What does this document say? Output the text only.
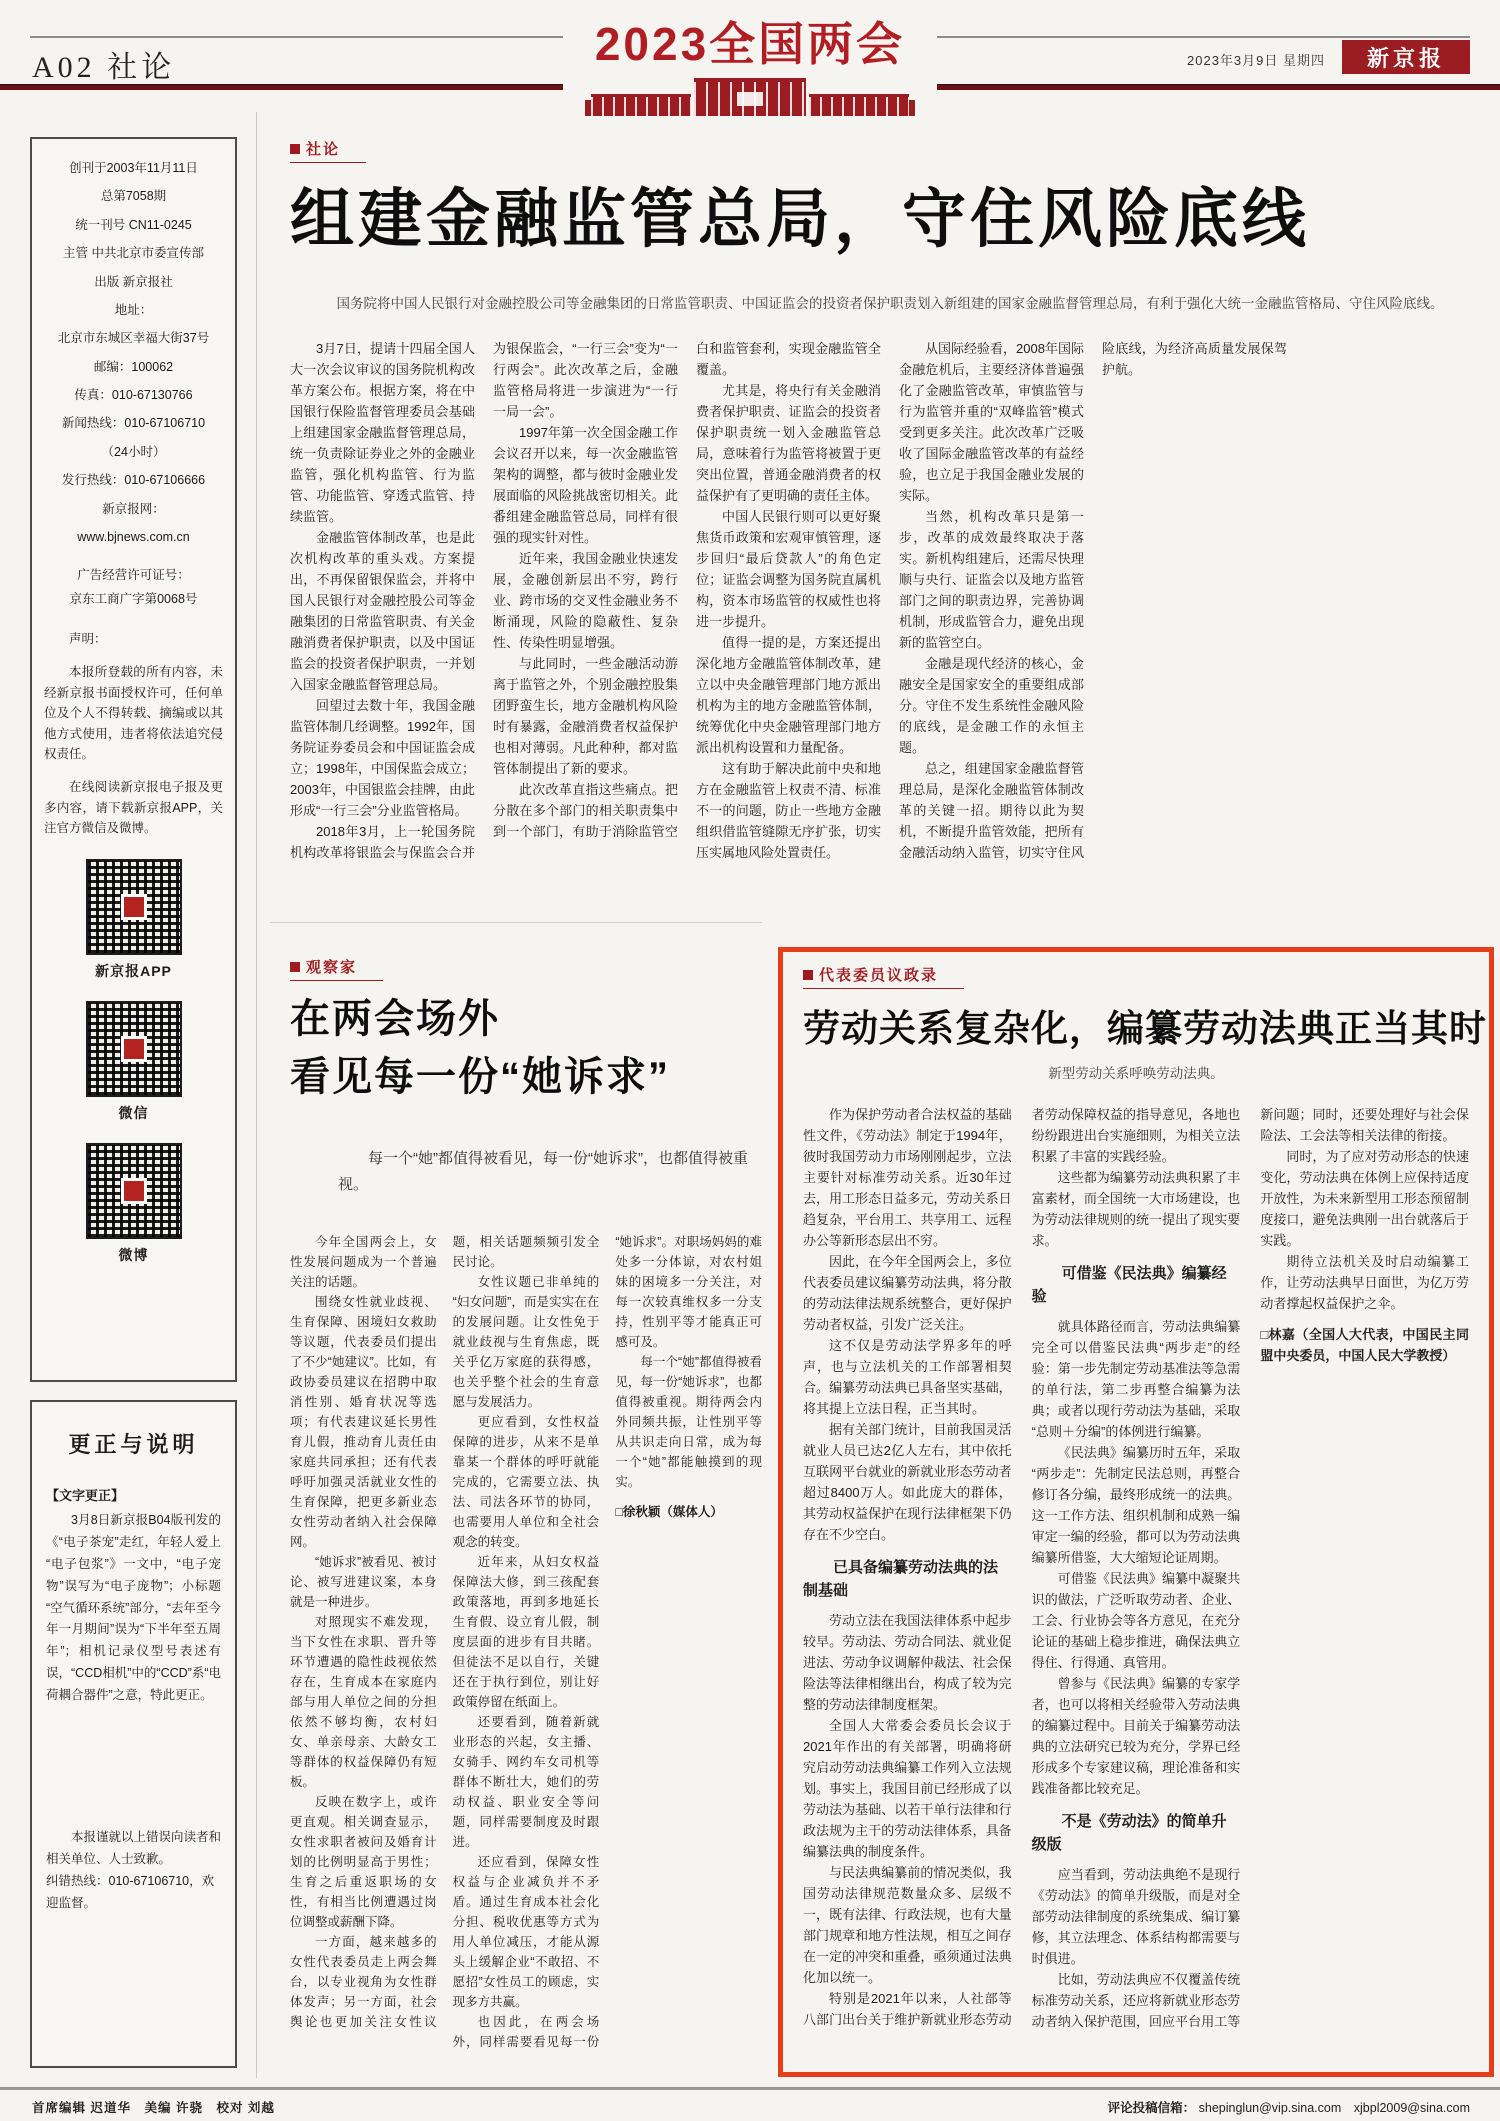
A02 社论	2023全国两会	2023年3月9日 星期四	新京报

创刊于2003年11月11日

总第7058期

统一刊号 CN11-0245

主管 中共北京市委宣传部

出版 新京报社

地址：

北京市东城区幸福大街37号

邮编：100062

传真：010-67130766

新闻热线：010-67106710

（24小时）

发行热线：010-67106666

新京报网：

www.bjnews.com.cn

广告经营许可证号：

京东工商广字第0068号

声明：

本报所登载的所有内容，未经新京报书面授权许可，任何单位及个人不得转载、摘编或以其他方式使用，违者将依法追究侵权责任。

在线阅读新京报电子报及更多内容，请下载新京报APP，关注官方微信及微博。

新京报APP
微信
微博
更正与说明
【文字更正】

3月8日新京报B04版刊发的《“电子茶宠”走红，年轻人爱上“电子包浆”》一文中，“电子宠物”误写为“电子庞物”；小标题“空气循环系统”部分，“去年至今年一月期间”误为“下半年至五周年”；相机记录仪型号表述有误，“CCD相机”中的“CCD”系“电荷耦合器件”之意，特此更正。

本报谨就以上错误向读者和相关单位、人士致歉。

纠错热线：010-67106710，欢迎监督。

社论
组建金融监管总局，守住风险底线
国务院将中国人民银行对金融控股公司等金融集团的日常监管职责、中国证监会的投资者保护职责划入新组建的国家金融监督管理总局，有利于强化大统一金融监管格局、守住风险底线。

3月7日，提请十四届全国人大一次会议审议的国务院机构改革方案公布。根据方案，将在中国银行保险监督管理委员会基础上组建国家金融监督管理总局，统一负责除证券业之外的金融业监管，强化机构监管、行为监管、功能监管、穿透式监管、持续监管。

金融监管体制改革，也是此次机构改革的重头戏。方案提出，不再保留银保监会，并将中国人民银行对金融控股公司等金融集团的日常监管职责、有关金融消费者保护职责，以及中国证监会的投资者保护职责，一并划入国家金融监督管理总局。

回望过去数十年，我国金融监管体制几经调整。1992年，国务院证券委员会和中国证监会成立；1998年，中国保监会成立；2003年，中国银监会挂牌，由此形成“一行三会”分业监管格局。

2018年3月，上一轮国务院机构改革将银监会与保监会合并为银保监会，“一行三会”变为“一行两会”。此次改革之后，金融监管格局将进一步演进为“一行一局一会”。

1997年第一次全国金融工作会议召开以来，每一次金融监管架构的调整，都与彼时金融业发展面临的风险挑战密切相关。此番组建金融监管总局，同样有很强的现实针对性。

近年来，我国金融业快速发展，金融创新层出不穷，跨行业、跨市场的交叉性金融业务不断涌现，风险的隐蔽性、复杂性、传染性明显增强。

与此同时，一些金融活动游离于监管之外，个别金融控股集团野蛮生长，地方金融机构风险时有暴露，金融消费者权益保护也相对薄弱。凡此种种，都对监管体制提出了新的要求。

此次改革直指这些痛点。把分散在多个部门的相关职责集中到一个部门，有助于消除监管空白和监管套利，实现金融监管全覆盖。

尤其是，将央行有关金融消费者保护职责、证监会的投资者保护职责统一划入金融监管总局，意味着行为监管将被置于更突出位置，普通金融消费者的权益保护有了更明确的责任主体。

中国人民银行则可以更好聚焦货币政策和宏观审慎管理，逐步回归“最后贷款人”的角色定位；证监会调整为国务院直属机构，资本市场监管的权威性也将进一步提升。

值得一提的是，方案还提出深化地方金融监管体制改革，建立以中央金融管理部门地方派出机构为主的地方金融监管体制，统筹优化中央金融管理部门地方派出机构设置和力量配备。

这有助于解决此前中央和地方在金融监管上权责不清、标准不一的问题，防止一些地方金融组织借监管缝隙无序扩张，切实压实属地风险处置责任。

从国际经验看，2008年国际金融危机后，主要经济体普遍强化了金融监管改革，审慎监管与行为监管并重的“双峰监管”模式受到更多关注。此次改革广泛吸收了国际金融监管改革的有益经验，也立足于我国金融业发展的实际。

当然，机构改革只是第一步，改革的成效最终取决于落实。新机构组建后，还需尽快理顺与央行、证监会以及地方监管部门之间的职责边界，完善协调机制，形成监管合力，避免出现新的监管空白。

金融是现代经济的核心，金融安全是国家安全的重要组成部分。守住不发生系统性金融风险的底线，是金融工作的永恒主题。

总之，组建国家金融监督管理总局，是深化金融监管体制改革的关键一招。期待以此为契机，不断提升监管效能，把所有金融活动纳入监管，切实守住风险底线，为经济高质量发展保驾护航。

观察家
在两会场外
看见每一份“她诉求”
每一个“她”都值得被看见，每一份“她诉求”，也都值得被重视。

今年全国两会上，女性发展问题成为一个普遍关注的话题。

围绕女性就业歧视、生育保障、困境妇女救助等议题，代表委员们提出了不少“她建议”。比如，有政协委员建议在招聘中取消性别、婚育状况等选项；有代表建议延长男性育儿假，推动育儿责任由家庭共同承担；还有代表呼吁加强灵活就业女性的生育保障，把更多新业态女性劳动者纳入社会保障网。

“她诉求”被看见、被讨论、被写进建议案，本身就是一种进步。

对照现实不难发现，当下女性在求职、晋升等环节遭遇的隐性歧视依然存在，生育成本在家庭内部与用人单位之间的分担依然不够均衡，农村妇女、单亲母亲、大龄女工等群体的权益保障仍有短板。

反映在数字上，或许更直观。相关调查显示，女性求职者被问及婚育计划的比例明显高于男性；生育之后重返职场的女性，有相当比例遭遇过岗位调整或薪酬下降。

一方面，越来越多的女性代表委员走上两会舞台，以专业视角为女性群体发声；另一方面，社会舆论也更加关注女性议题，相关话题频频引发全民讨论。

女性议题已非单纯的“妇女问题”，而是实实在在的发展问题。让女性免于就业歧视与生育焦虑，既关乎亿万家庭的获得感，也关乎整个社会的生育意愿与发展活力。

更应看到，女性权益保障的进步，从来不是单靠某一个群体的呼吁就能完成的，它需要立法、执法、司法各环节的协同，也需要用人单位和全社会观念的转变。

近年来，从妇女权益保障法大修，到三孩配套政策落地，再到多地延长生育假、设立育儿假，制度层面的进步有目共睹。但徒法不足以自行，关键还在于执行到位，别让好政策停留在纸面上。

还要看到，随着新就业形态的兴起，女主播、女骑手、网约车女司机等群体不断壮大，她们的劳动权益、职业安全等问题，同样需要制度及时跟进。

还应看到，保障女性权益与企业减负并不矛盾。通过生育成本社会化分担、税收优惠等方式为用人单位减压，才能从源头上缓解企业“不敢招、不愿招”女性员工的顾虑，实现多方共赢。

也因此，在两会场外，同样需要看见每一份“她诉求”。对职场妈妈的难处多一分体谅，对农村姐妹的困境多一分关注，对每一次较真维权多一分支持，性别平等才能真正可感可及。

每一个“她”都值得被看见，每一份“她诉求”，也都值得被重视。期待两会内外同频共振，让性别平等从共识走向日常，成为每一个“她”都能触摸到的现实。

□徐秋颖（媒体人）

代表委员议政录
劳动关系复杂化，编纂劳动法典正当其时
新型劳动关系呼唤劳动法典。

作为保护劳动者合法权益的基础性文件，《劳动法》制定于1994年，彼时我国劳动力市场刚刚起步，立法主要针对标准劳动关系。近30年过去，用工形态日益多元，劳动关系日趋复杂，平台用工、共享用工、远程办公等新形态层出不穷。

因此，在今年全国两会上，多位代表委员建议编纂劳动法典，将分散的劳动法律法规系统整合，更好保护劳动者权益，引发广泛关注。

这不仅是劳动法学界多年的呼声，也与立法机关的工作部署相契合。编纂劳动法典已具备坚实基础，将其提上立法日程，正当其时。

据有关部门统计，目前我国灵活就业人员已达2亿人左右，其中依托互联网平台就业的新就业形态劳动者超过8400万人。如此庞大的群体，其劳动权益保护在现行法律框架下仍存在不少空白。

已具备编纂劳动法典的法制基础

劳动立法在我国法律体系中起步较早。劳动法、劳动合同法、就业促进法、劳动争议调解仲裁法、社会保险法等法律相继出台，构成了较为完整的劳动法律制度框架。

全国人大常委会委员长会议于2021年作出的有关部署，明确将研究启动劳动法典编纂工作列入立法规划。事实上，我国目前已经形成了以劳动法为基础、以若干单行法律和行政法规为主干的劳动法律体系，具备编纂法典的制度条件。

与民法典编纂前的情况类似，我国劳动法律规范数量众多、层级不一，既有法律、行政法规，也有大量部门规章和地方性法规，相互之间存在一定的冲突和重叠，亟须通过法典化加以统一。

特别是2021年以来，人社部等八部门出台关于维护新就业形态劳动者劳动保障权益的指导意见，各地也纷纷跟进出台实施细则，为相关立法积累了丰富的实践经验。

这些都为编纂劳动法典积累了丰富素材，而全国统一大市场建设，也为劳动法律规则的统一提出了现实要求。

可借鉴《民法典》编纂经验

就具体路径而言，劳动法典编纂完全可以借鉴民法典“两步走”的经验：第一步先制定劳动基准法等急需的单行法，第二步再整合编纂为法典；或者以现行劳动法为基础，采取“总则＋分编”的体例进行编纂。

《民法典》编纂历时五年，采取“两步走”：先制定民法总则，再整合修订各分编，最终形成统一的法典。这一工作方法、组织机制和成熟一编审定一编的经验，都可以为劳动法典编纂所借鉴，大大缩短论证周期。

可借鉴《民法典》编纂中凝聚共识的做法，广泛听取劳动者、企业、工会、行业协会等各方意见，在充分论证的基础上稳步推进，确保法典立得住、行得通、真管用。

曾参与《民法典》编纂的专家学者，也可以将相关经验带入劳动法典的编纂过程中。目前关于编纂劳动法典的立法研究已较为充分，学界已经形成多个专家建议稿，理论准备和实践准备都比较充足。

不是《劳动法》的简单升级版

应当看到，劳动法典绝不是现行《劳动法》的简单升级版，而是对全部劳动法律制度的系统集成、编订纂修，其立法理念、体系结构都需要与时俱进。

比如，劳动法典应不仅覆盖传统标准劳动关系，还应将新就业形态劳动者纳入保护范围，回应平台用工等新问题；同时，还要处理好与社会保险法、工会法等相关法律的衔接。

同时，为了应对劳动形态的快速变化，劳动法典在体例上应保持适度开放性，为未来新型用工形态预留制度接口，避免法典刚一出台就落后于实践。

期待立法机关及时启动编纂工作，让劳动法典早日面世，为亿万劳动者撑起权益保护之伞。

□林嘉（全国人大代表，中国民主同盟中央委员，中国人民大学教授）

首席编辑 迟道华　美编 许骁　校对 刘越	评论投稿信箱： shepinglun@vip.sina.com　xjbpl2009@sina.com
